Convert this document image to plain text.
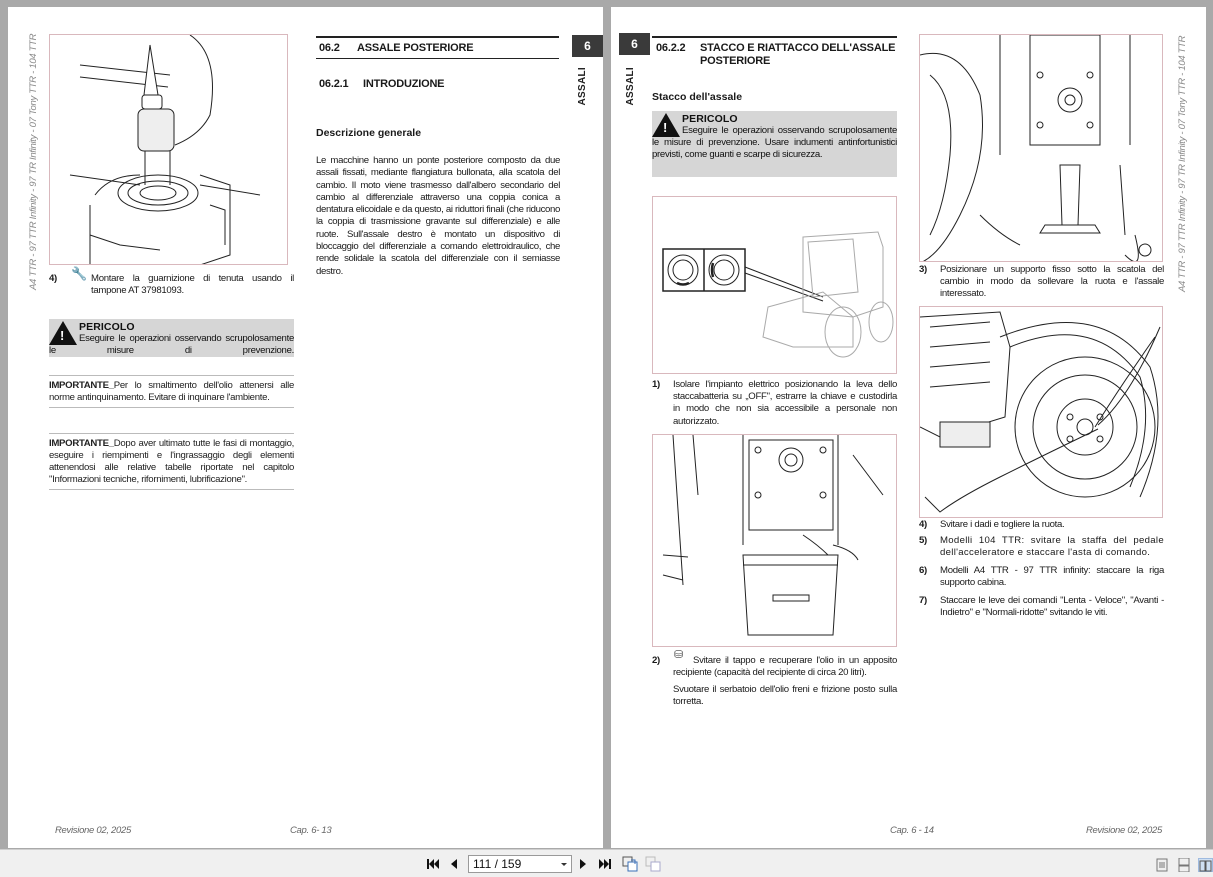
A4 TTR - 97 TTR Infinity - 97 TR Infinity - 07 Tony TTR - 104 TTR 4) 🔧 Montare la guarnizione di tenuta usando il tampone AT 37981093.
!
PERICOLO
Eseguire le operazioni osservando scrupolosamente le misure di prevenzione.
IMPORTANTE_Per lo smaltimento dell'olio attenersi alle norme antinquinamento. Evitare di inquinare l'ambiente.
IMPORTANTE_Dopo aver ultimato tutte le fasi di montaggio, eseguire i riempimenti e l'ingrassaggio degli elementi attenendosi alle relative tabelle riportate nel capitolo "Informazioni tecniche, rifornimenti, lubrificazione".
06.2 ASSALE POSTERIORE
06.2.1 INTRODUZIONE
Descrizione generale
Le macchine hanno un ponte posteriore composto da due assali fissati, mediante flangiatura bullonata, alla scatola del cambio. Il moto viene trasmesso dall'albero secondario del cambio al differenziale attraverso una coppia conica a dentatura elicoidale e da questo, ai riduttori finali (che riducono la coppia di trasmissione gravante sul differenziale) e alle ruote. Sull'assale destro è montato un dispositivo di bloccaggio del differenziale a comando elettroidraulico, che rende solidale la scatola del differenziale con il semiasse destro.
6
ASSALI
Revisione 02, 2025	Cap. 6- 13
6
ASSALI
06.2.2 STACCO E RIATTACCO DELL'ASSALE
POSTERIORE
Stacco dell'assale
!
PERICOLO
Eseguire le operazioni osservando scrupolosamente le misure di prevenzione. Usare indumenti antinfortunistici previsti, come guanti e scarpe di sicurezza.
1) Isolare l'impianto elettrico posizionando la leva dello staccabatteria su „OFF", estrarre la chiave e custodirla in modo che non sia accessibile a personale non autorizzato.
2) ⛁	Svitare il tappo e recuperare l'olio in un apposito recipiente (capacità del recipiente di circa 20 litri).
Svuotare il serbatoio dell'olio freni e frizione posto sulla torretta.
3) Posizionare un supporto fisso sotto la scatola del cambio in modo da sollevare la ruota e l'assale interessato.
4) Svitare i dadi e togliere la ruota.
5) Modelli 104 TTR: svitare la staffa del pedale dell'acceleratore e staccare l'asta di comando.
6) Modelli A4 TTR - 97 TTR infinity: staccare la riga supporto cabina.
7) Staccare le leve dei comandi "Lenta - Veloce", "Avanti - Indietro" e "Normali-ridotte" svitando le viti.
A4 TTR - 97 TTR Infinity - 97 TR Infinity - 07 Tony TTR - 104 TTR
Cap. 6 - 14	Revisione 02, 2025
111 / 159
